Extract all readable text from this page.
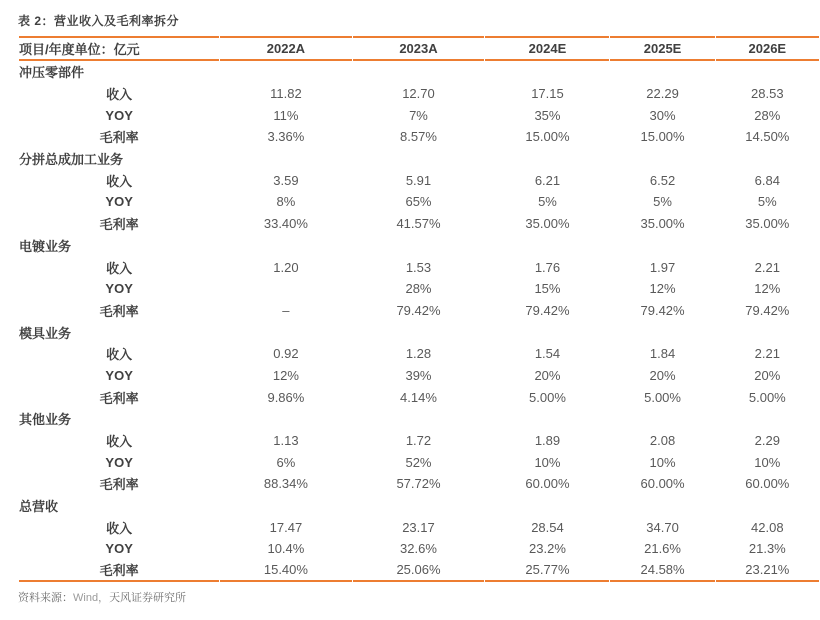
表 2：营业收入及毛利率拆分
项目/年度单位：亿元	2022A	2023A	2024E	2025E	2026E
冲压零部件					
收入	11.82	12.70	17.15	22.29	28.53
YOY	11%	7%	35%	30%	28%
毛利率	3.36%	8.57%	15.00%	15.00%	14.50%
分拼总成加工业务					
收入	3.59	5.91	6.21	6.52	6.84
YOY	8%	65%	5%	5%	5%
毛利率	33.40%	41.57%	35.00%	35.00%	35.00%
电镀业务					
收入	1.20	1.53	1.76	1.97	2.21
YOY		28%	15%	12%	12%
毛利率	–	79.42%	79.42%	79.42%	79.42%
模具业务					
收入	0.92	1.28	1.54	1.84	2.21
YOY	12%	39%	20%	20%	20%
毛利率	9.86%	4.14%	5.00%	5.00%	5.00%
其他业务					
收入	1.13	1.72	1.89	2.08	2.29
YOY	6%	52%	10%	10%	10%
毛利率	88.34%	57.72%	60.00%	60.00%	60.00%
总营收					
收入	17.47	23.17	28.54	34.70	42.08
YOY	10.4%	32.6%	23.2%	21.6%	21.3%
毛利率	15.40%	25.06%	25.77%	24.58%	23.21%
资料来源：Wind，天风证券研究所
